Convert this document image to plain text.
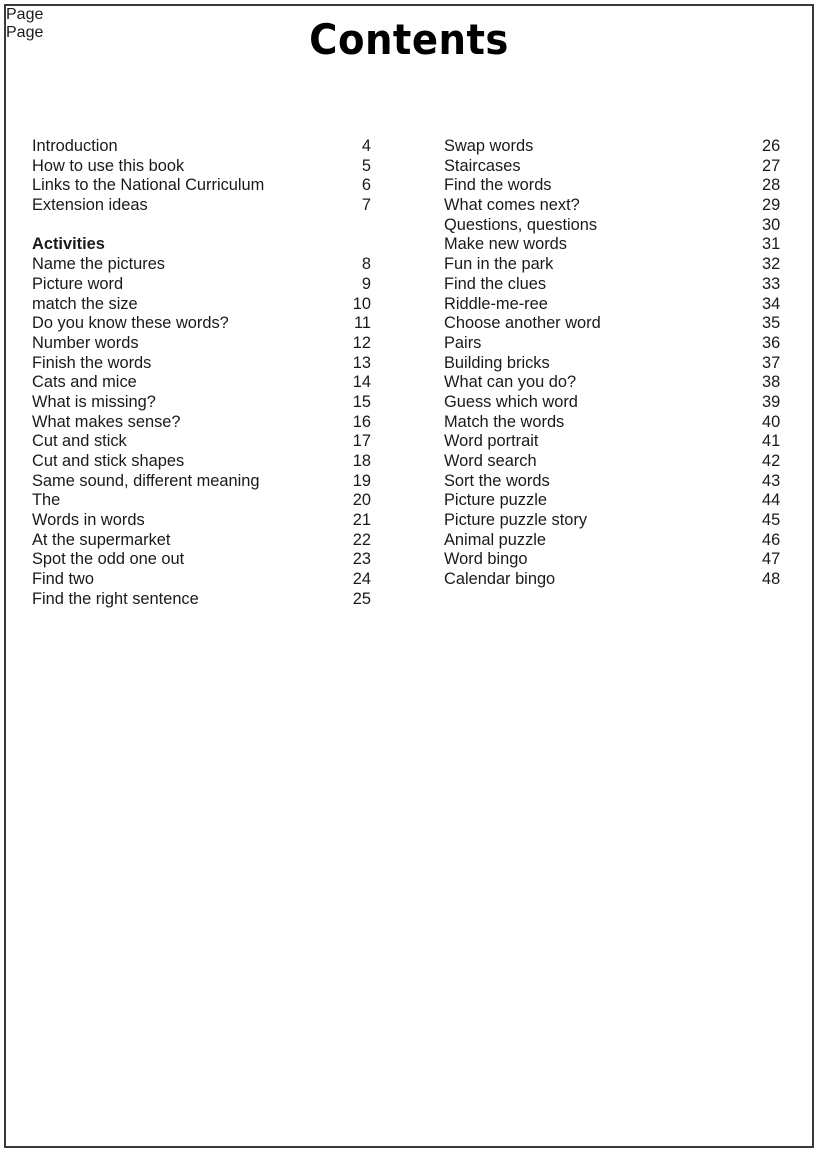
Contents
Page
Page
Introduction	4
How to use this book	5
Links to the National Curriculum	6
Extension ideas	7
Activities
Name the pictures	8
Picture word	9
match the size	10
Do you know these words?	11
Number words	12
Finish the words	13
Cats and mice	14
What is missing?	15
What makes sense?	16
Cut and stick	17
Cut and stick shapes	18
Same sound, different meaning	19
The	20
Words in words	21
At the supermarket	22
Spot the odd one out	23
Find two	24
Find the right sentence	25
Swap words	26
Staircases	27
Find the words	28
What comes next?	29
Questions, questions	30
Make new words	31
Fun in the park	32
Find the clues	33
Riddle-me-ree	34
Choose another word	35
Pairs	36
Building bricks	37
What can you do?	38
Guess which word	39
Match the words	40
Word portrait	41
Word search	42
Sort the words	43
Picture puzzle	44
Picture puzzle story	45
Animal puzzle	46
Word bingo	47
Calendar bingo	48
